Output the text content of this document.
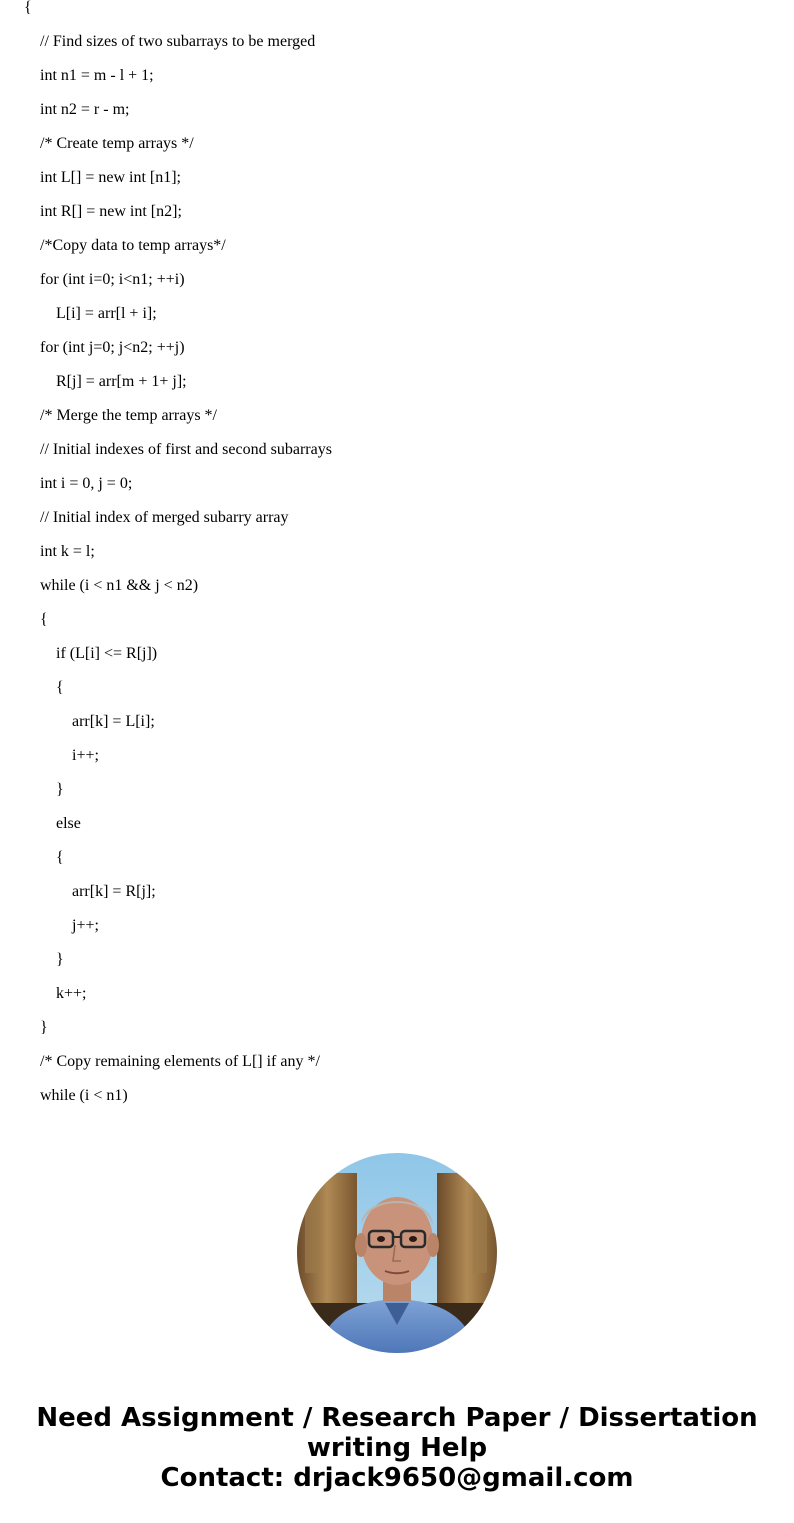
{
// Find sizes of two subarrays to be merged
int n1 = m - l + 1;
int n2 = r - m;
/* Create temp arrays */
int L[] = new int [n1];
int R[] = new int [n2];
/*Copy data to temp arrays*/
for (int i=0; i<n1; ++i)
L[i] = arr[l + i];
for (int j=0; j<n2; ++j)
R[j] = arr[m + 1+ j];
/* Merge the temp arrays */
// Initial indexes of first and second subarrays
int i = 0, j = 0;
// Initial index of merged subarry array
int k = l;
while (i < n1 && j < n2)
{
if (L[i] <= R[j])
{
arr[k] = L[i];
i++;
}
else
{
arr[k] = R[j];
j++;
}
k++;
}
/* Copy remaining elements of L[] if any */
while (i < n1)
Need Assignment / Research Paper / Dissertation
writing Help
Contact: drjack9650@gmail.com
